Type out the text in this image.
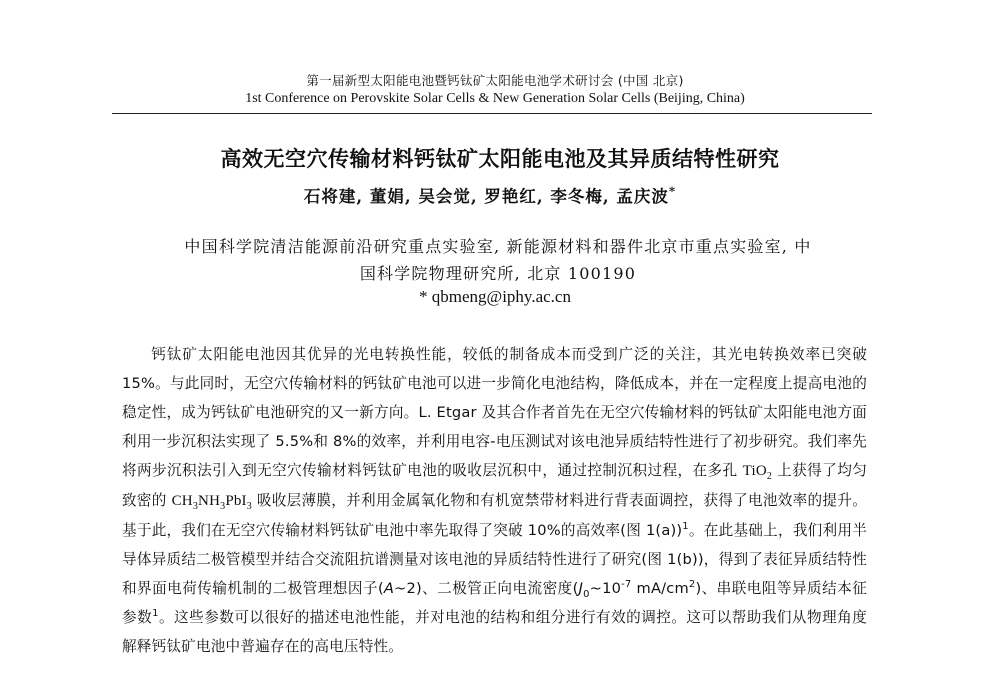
第一届新型太阳能电池暨钙钛矿太阳能电池学术研讨会 (中国 北京)
1st Conference on Perovskite Solar Cells & New Generation Solar Cells (Beijing, China)
高效无空穴传输材料钙钛矿太阳能电池及其异质结特性研究
石将建, 董娟, 吴会觉, 罗艳红, 李冬梅, 孟庆波*
中国科学院清洁能源前沿研究重点实验室, 新能源材料和器件北京市重点实验室, 中
国科学院物理研究所, 北京 100190
* qbmeng@iphy.ac.cn
钙钛矿太阳能电池因其优异的光电转换性能，较低的制备成本而受到广泛的关注，其光电转换效率已突破 15%。与此同时，无空穴传输材料的钙钛矿电池可以进一步简化电池结构，降低成本，并在一定程度上提高电池的稳定性，成为钙钛矿电池研究的又一新方向。L. Etgar 及其合作者首先在无空穴传输材料的钙钛矿太阳能电池方面利用一步沉积法实现了 5.5%和 8%的效率，并利用电容-电压测试对该电池异质结特性进行了初步研究。我们率先将两步沉积法引入到无空穴传输材料钙钛矿电池的吸收层沉积中，通过控制沉积过程，在多孔 TiO$_2$ 上获得了均匀致密的 $CH_3NH_3PbI_3$ 吸收层薄膜，并利用金属氧化物和有机宽禁带材料进行背表面调控，获得了电池效率的提升。基于此，我们在无空穴传输材料钙钛矿电池中率先取得了突破 10%的高效率(图 1(a))$^1$。在此基础上，我们利用半导体异质结二极管模型并结合交流阻抗谱测量对该电池的异质结特性进行了研究(图 1(b))，得到了表征异质结特性和界面电荷传输机制的二极管理想因子(A~2)、二极管正向电流密度($J_0\sim 10^{-7}$ $mA/cm^2$)、串联电阻等异质结本征参数$^1$。这些参数可以很好的描述电池性能，并对电池的结构和组分进行有效的调控。这可以帮助我们从物理角度解释钙钛矿电池中普遍存在的高电压特性。
